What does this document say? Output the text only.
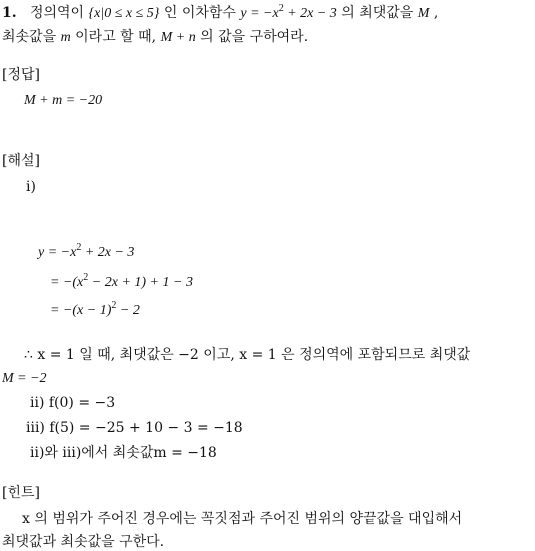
1. 정의역이 {x|0 ≤ x ≤ 5} 인 이차함수 $y = -x^2 + 2x - 3$ 의 최댓값을 M ,
최솟값을 m 이라고 할 때, M + n 의 값을 구하여라.
[정답]
M + m = −20
[해설]
ⅰ)
$y = -x^2 + 2x - 3$
= $-(x^2 - 2x + 1) + 1 - 3$
= $-(x - 1)^2 - 2$
∴ x = 1 일 때, 최댓값은 −2 이고, x = 1 은 정의역에 포함되므로 최댓값
M = −2
ⅱ) f(0) = −3
ⅲ) f(5) = −25 + 10 − 3 = −18
ⅱ)와 ⅲ)에서 최솟값m = −18
[힌트]
x 의 범위가 주어진 경우에는 꼭짓점과 주어진 범위의 양끝값을 대입해서
최댓값과 최솟값을 구한다.
